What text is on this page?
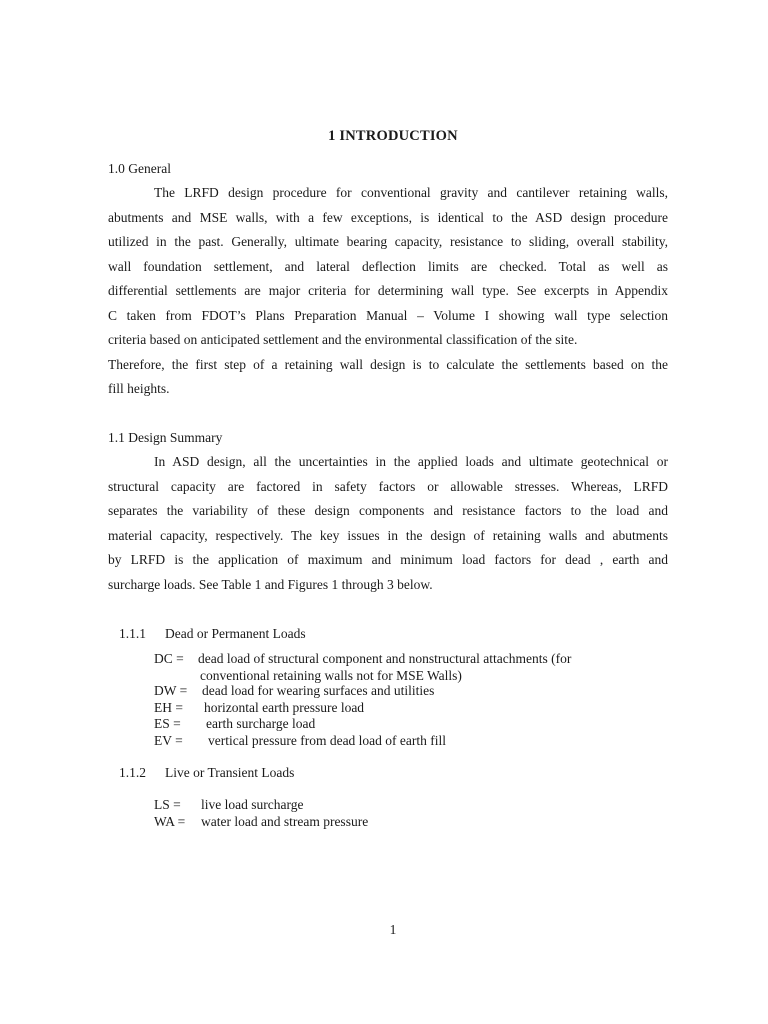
1 INTRODUCTION
1.0 General
The LRFD design procedure for conventional gravity and cantilever retaining walls,
abutments and MSE walls, with a few exceptions, is identical to the ASD design procedure
utilized in the past. Generally, ultimate bearing capacity, resistance to sliding, overall stability,
wall foundation settlement, and lateral deflection limits are checked. Total as well as
differential settlements are major criteria for determining wall type. See excerpts in Appendix
C taken from FDOT’s Plans Preparation Manual – Volume I showing wall type selection
criteria based on anticipated settlement and the environmental classification of the site.
Therefore, the first step of a retaining wall design is to calculate the settlements based on the
fill heights.
1.1 Design Summary
In ASD design, all the uncertainties in the applied loads and ultimate geotechnical or
structural capacity are factored in safety factors or allowable stresses. Whereas, LRFD
separates the variability of these design components and resistance factors to the load and
material capacity, respectively. The key issues in the design of retaining walls and abutments
by LRFD is the application of maximum and minimum load factors for dead , earth and
surcharge loads. See Table 1 and Figures 1 through 3 below.
1.1.1 Dead or Permanent Loads
DC = dead load of structural component and nonstructural attachments (for
conventional retaining walls not for MSE Walls)
DW = dead load for wearing surfaces and utilities
EH = horizontal earth pressure load
ES = earth surcharge load
EV = vertical pressure from dead load of earth fill
1.1.2 Live or Transient Loads
LS = live load surcharge
WA = water load and stream pressure
1
